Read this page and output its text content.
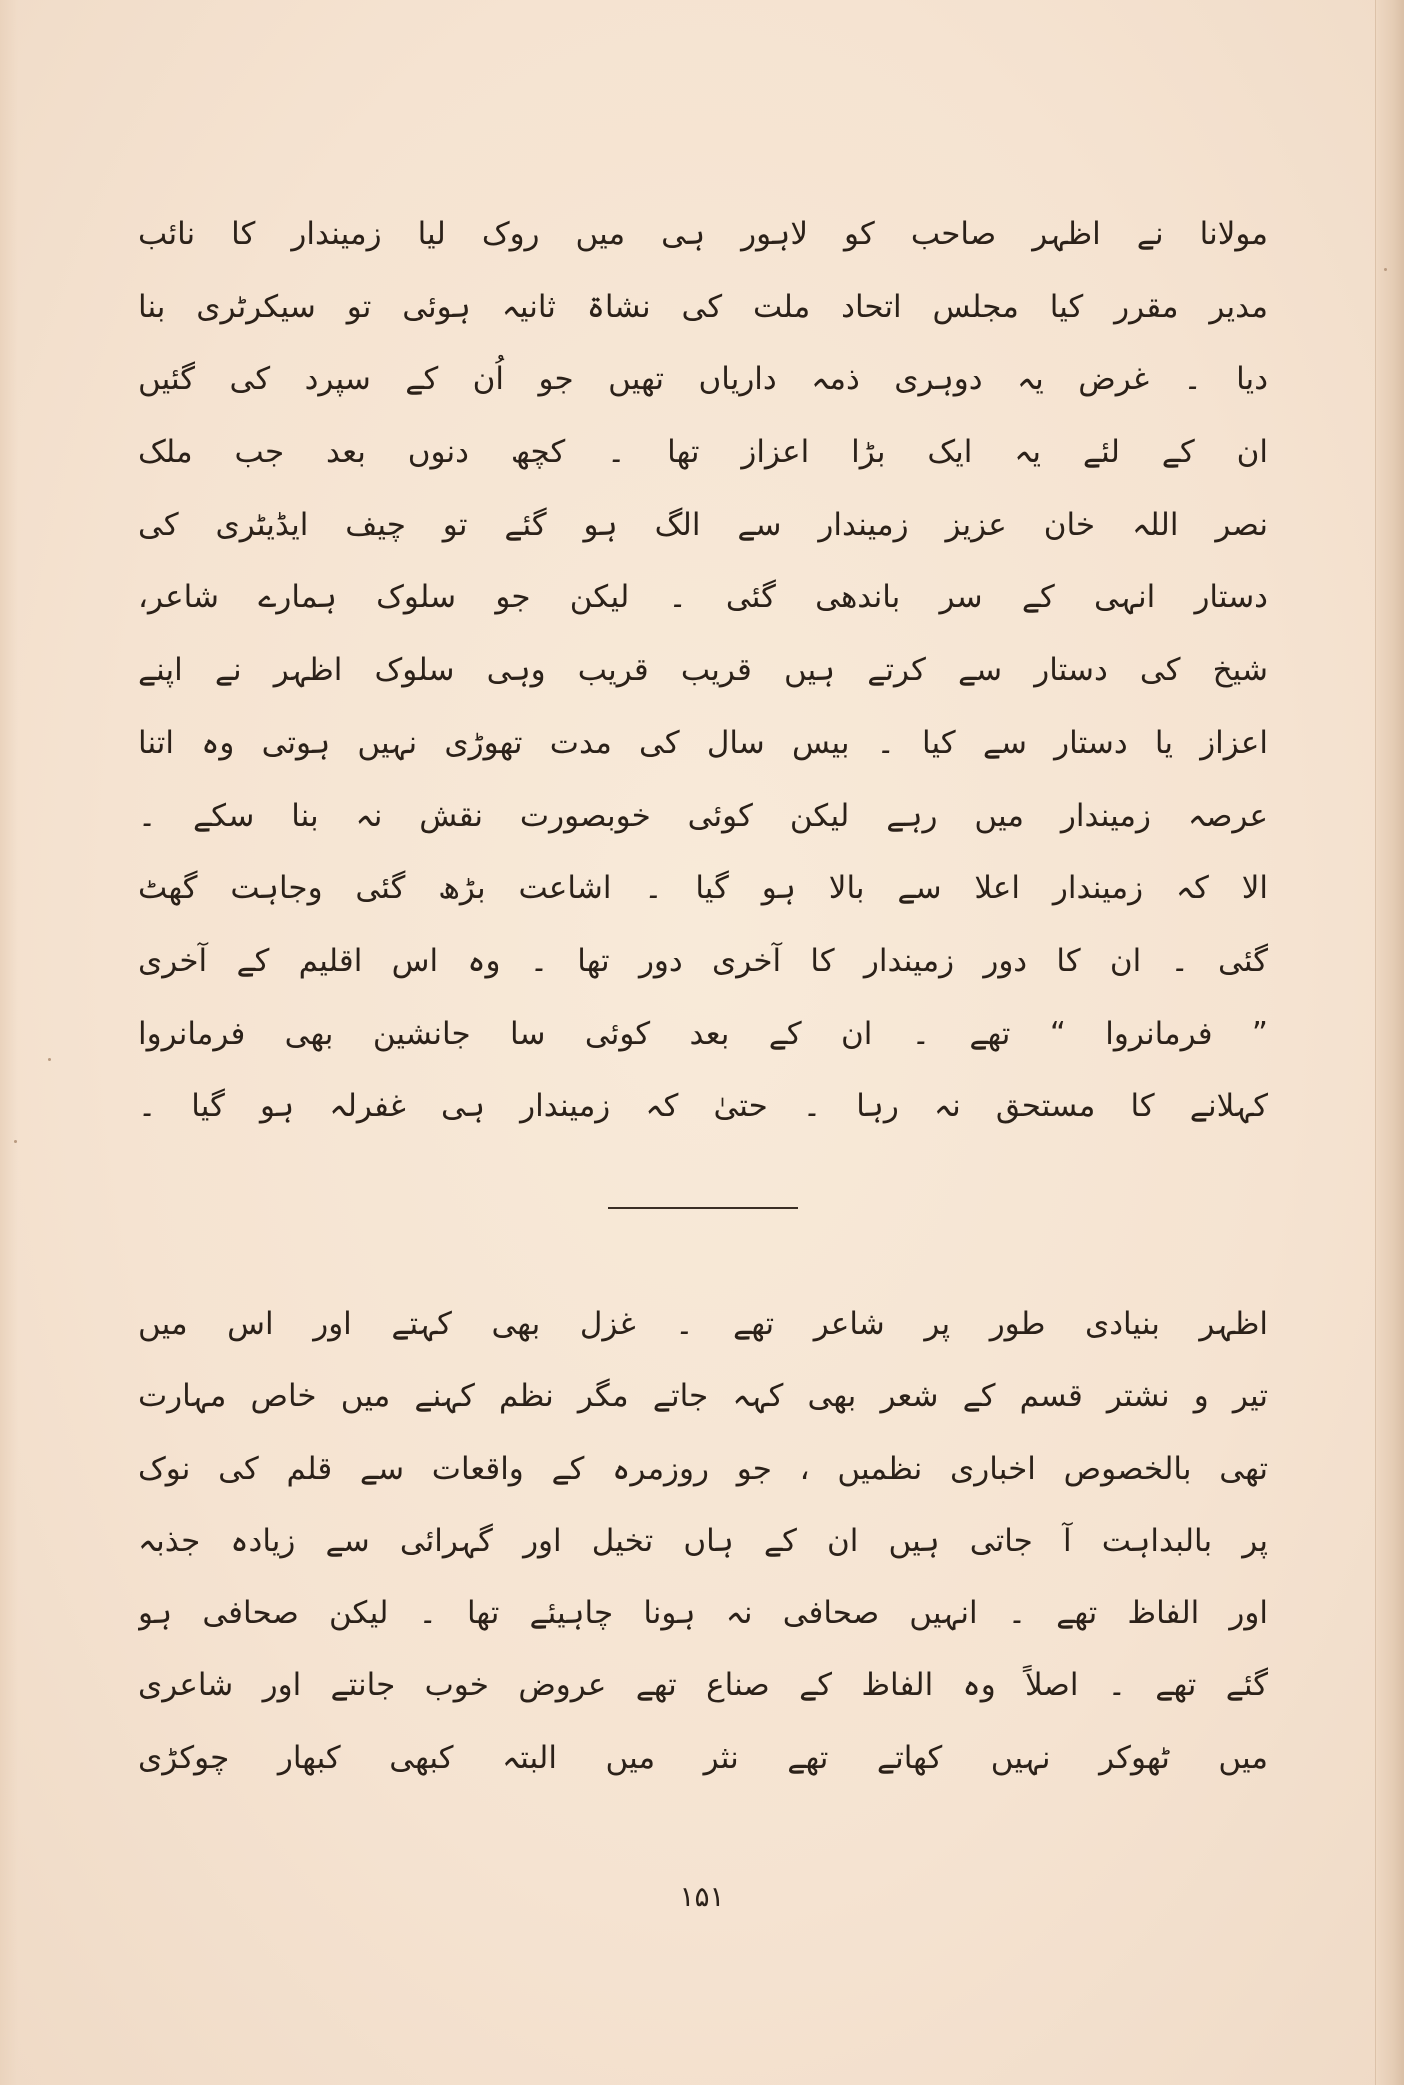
مولانا نے اظہر صاحب کو لاہور ہی میں روک لیا زمیندار کا نائب
مدیر مقرر کیا مجلس اتحاد ملت کی نشاۃ ثانیہ ہوئی تو سیکرٹری بنا
دیا ۔ غرض یہ دوہری ذمہ داریاں تھیں جو اُن کے سپرد کی گئیں
ان کے لئے یہ ایک بڑا اعزاز تھا ۔ کچھ دنوں بعد جب ملک
نصر اللہ خان عزیز زمیندار سے الگ ہو گئے تو چیف ایڈیٹری کی
دستار انہی کے سر باندھی گئی ۔ لیکن جو سلوک ہمارے شاعر،
شیخ کی دستار سے کرتے ہیں قریب قریب وہی سلوک اظہر نے اپنے
اعزاز یا دستار سے کیا ۔ بیس سال کی مدت تھوڑی نہیں ہوتی وہ اتنا
عرصہ زمیندار میں رہے لیکن کوئی خوبصورت نقش نہ بنا سکے ۔
الا کہ زمیندار اعلا سے بالا ہو گیا ۔ اشاعت بڑھ گئی وجاہت گھٹ
گئی ۔ ان کا دور زمیندار کا آخری دور تھا ۔ وہ اس اقلیم کے آخری
” فرمانروا “ تھے ۔ ان کے بعد کوئی سا جانشین بھی فرمانروا
کہلانے کا مستحق نہ رہا ۔ حتیٰ کہ زمیندار ہی غفرلہ ہو گیا ۔
اظہر بنیادی طور پر شاعر تھے ۔ غزل بھی کہتے اور اس میں
تیر و نشتر قسم کے شعر بھی کہہ جاتے مگر نظم کہنے میں خاص مہارت
تھی بالخصوص اخباری نظمیں ، جو روزمرہ کے واقعات سے قلم کی نوک
پر بالبداہت آ جاتی ہیں ان کے ہاں تخیل اور گہرائی سے زیادہ جذبہ
اور الفاظ تھے ۔ انہیں صحافی نہ ہونا چاہیئے تھا ۔ لیکن صحافی ہو
گئے تھے ۔ اصلاً وہ الفاظ کے صناع تھے عروض خوب جانتے اور شاعری
میں ٹھوکر نہیں کھاتے تھے نثر میں البتہ کبھی کبھار چوکڑی
۱۵۱
